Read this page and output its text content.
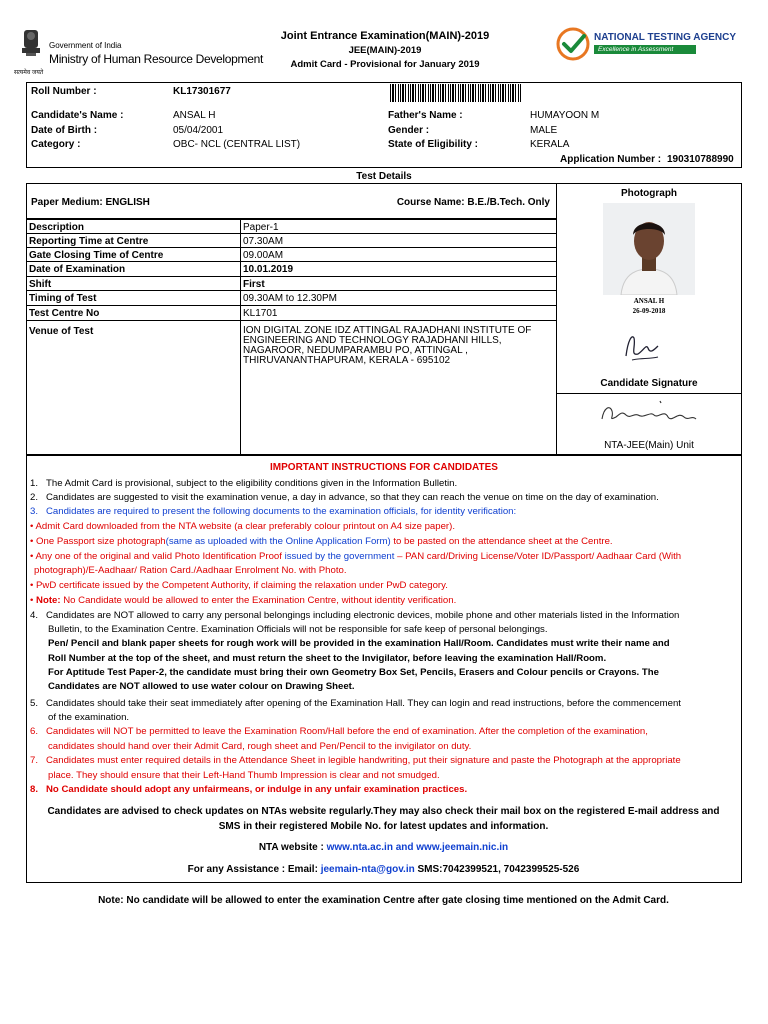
सत्यमेव जयते
Government of India
Ministry of Human Resource Development
Joint Entrance Examination(MAIN)-2019
JEE(MAIN)-2019
Admit Card - Provisional for January 2019
NATIONAL TESTING AGENCY
Excellence in Assessment
Roll Number :	KL17301677
Candidate's Name :	ANSAL H	Father's Name :	HUMAYOON M
Date of Birth :	05/04/2001	Gender :	MALE
Category :	OBC- NCL (CENTRAL LIST)	State of Eligibility :	KERALA
Application Number : 190310788990
Test Details
Paper Medium: ENGLISH	Course Name: B.E./B.Tech. Only
Description	Paper-1
Reporting Time at Centre	07.30AM
Gate Closing Time of Centre	09.00AM
Date of Examination	10.01.2019
Shift	First
Timing of Test	09.30AM to 12.30PM
Test Centre No	KL1701
Venue of Test	ION DIGITAL ZONE IDZ ATTINGAL RAJADHANI INSTITUTE OF
ENGINEERING AND TECHNOLOGY RAJADHANI HILLS,
NAGAROOR, NEDUMPARAMBU PO, ATTINGAL ,
THIRUVANANTHAPURAM, KERALA - 695102
Photograph
ANSAL H
26-09-2018
Candidate Signature
NTA-JEE(Main) Unit
IMPORTANT INSTRUCTIONS FOR CANDIDATES
1. The Admit Card is provisional, subject to the eligibility conditions given in the Information Bulletin.
2. Candidates are suggested to visit the examination venue, a day in advance, so that they can reach the venue on time on the day of examination.
3. Candidates are required to present the following documents to the examination officials, for identity verification:
• Admit Card downloaded from the NTA website (a clear preferably colour printout on A4 size paper).
• One Passport size photograph(same as uploaded with the Online Application Form) to be pasted on the attendance sheet at the Centre.
• Any one of the original and valid Photo Identification Proof issued by the government – PAN card/Driving License/Voter ID/Passport/ Aadhaar Card (With
photograph)/E-Aadhaar/ Ration Card./Aadhaar Enrolment No. with Photo.
• PwD certificate issued by the Competent Authority, if claiming the relaxation under PwD category.
• Note: No Candidate would be allowed to enter the Examination Centre, without identity verification.
4. Candidates are NOT allowed to carry any personal belongings including electronic devices, mobile phone and other materials listed in the Information
Bulletin, to the Examination Centre. Examination Officials will not be responsible for safe keep of personal belongings.
Pen/ Pencil and blank paper sheets for rough work will be provided in the examination Hall/Room. Candidates must write their name and
Roll Number at the top of the sheet, and must return the sheet to the Invigilator, before leaving the examination Hall/Room.
For Aptitude Test Paper-2, the candidate must bring their own Geometry Box Set, Pencils, Erasers and Colour pencils or Crayons. The
Candidates are NOT allowed to use water colour on Drawing Sheet.
5. Candidates should take their seat immediately after opening of the Examination Hall. They can login and read instructions, before the commencement
of the examination.
6. Candidates will NOT be permitted to leave the Examination Room/Hall before the end of examination. After the completion of the examination,
candidates should hand over their Admit Card, rough sheet and Pen/Pencil to the invigilator on duty.
7. Candidates must enter required details in the Attendance Sheet in legible handwriting, put their signature and paste the Photograph at the appropriate
place. They should ensure that their Left-Hand Thumb Impression is clear and not smudged.
8. No Candidate should adopt any unfairmeans, or indulge in any unfair examination practices.
Candidates are advised to check updates on NTAs website regularly.They may also check their mail box on the registered E-mail address and
SMS in their registered Mobile No. for latest updates and information.
NTA website : www.nta.ac.in and www.jeemain.nic.in
For any Assistance : Email: jeemain-nta@gov.in SMS:7042399521, 7042399525-526
Note: No candidate will be allowed to enter the examination Centre after gate closing time mentioned on the Admit Card.
